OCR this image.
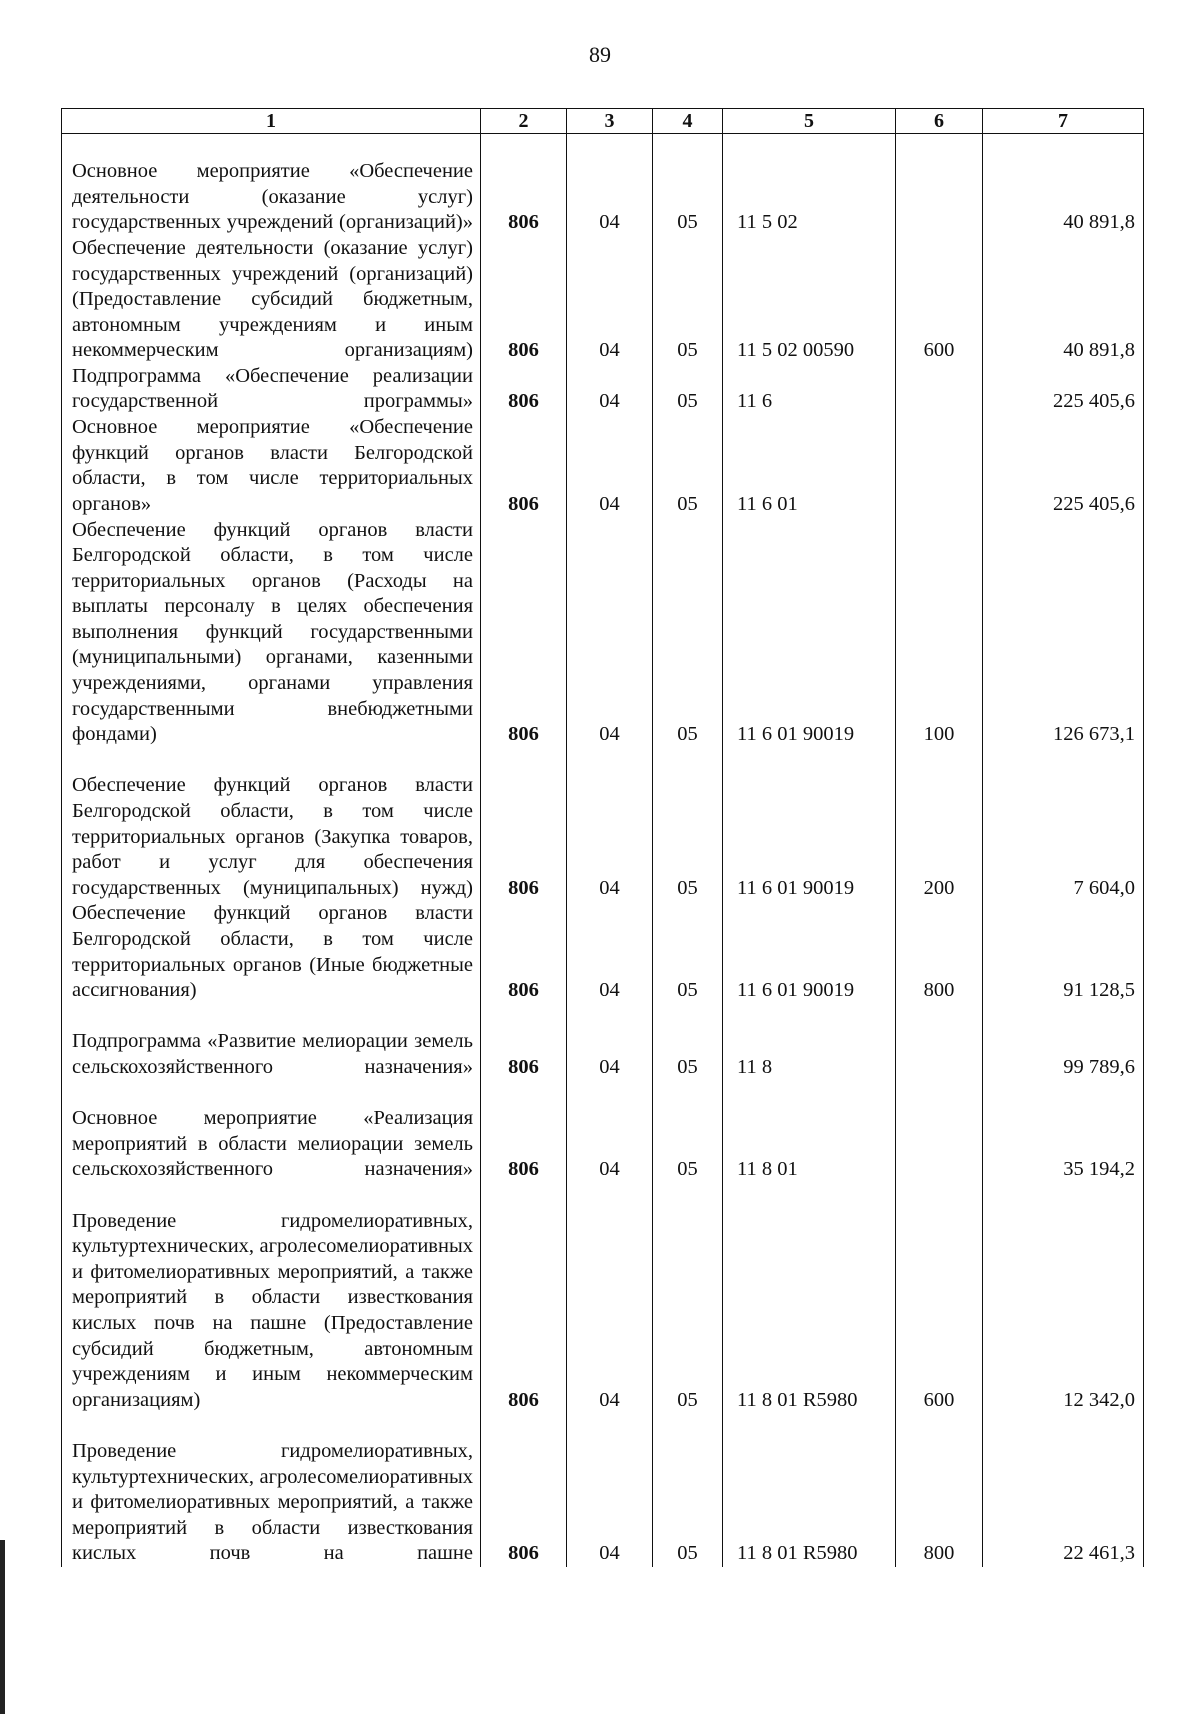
89
1	2	3	4	5	6	7

Основное мероприятие «Обеспечение деятельности (оказание услуг) государственных учреждений (организаций)»	806	04	05	11 5 02		40 891,8

Обеспечение деятельности (оказание услуг) государственных учреждений (организаций) (Предоставление субсидий бюджетным, автономным учреждениям и иным некоммерческим организациям)	806	04	05	11 5 02 00590	600	40 891,8

Подпрограмма «Обеспечение реализации государственной программы»	806	04	05	11 6		225 405,6

Основное мероприятие «Обеспечение функций органов власти Белгородской области, в том числе территориальных органов»	806	04	05	11 6 01		225 405,6

Обеспечение функций органов власти Белгородской области, в том числе территориальных органов (Расходы на выплаты персоналу в целях обеспечения выполнения функций государственными (муниципальными) органами, казенными учреждениями, органами управления государственными внебюджетными фондами)	806	04	05	11 6 01 90019	100	126 673,1

Обеспечение функций органов власти Белгородской области, в том числе территориальных органов (Закупка товаров, работ и услуг для обеспечения государственных (муниципальных) нужд)	806	04	05	11 6 01 90019	200	7 604,0

Обеспечение функций органов власти Белгородской области, в том числе территориальных органов (Иные бюджетные ассигнования)	806	04	05	11 6 01 90019	800	91 128,5

Подпрограмма «Развитие мелиорации земель сельскохозяйственного назначения»	806	04	05	11 8		99 789,6

Основное мероприятие «Реализация мероприятий в области мелиорации земель сельскохозяйственного назначения»	806	04	05	11 8 01		35 194,2

Проведение гидромелиоративных, культуртехнических, агролесомелиоративных и фитомелиоративных мероприятий, а также мероприятий в области известкования кислых почв на пашне (Предоставление субсидий бюджетным, автономным учреждениям и иным некоммерческим организациям)	806	04	05	11 8 01 R5980	600	12 342,0

Проведение гидромелиоративных, культуртехнических, агролесомелиоративных и фитомелиоративных мероприятий, а также мероприятий в области известкования кислых почв на пашне	806	04	05	11 8 01 R5980	800	22 461,3
